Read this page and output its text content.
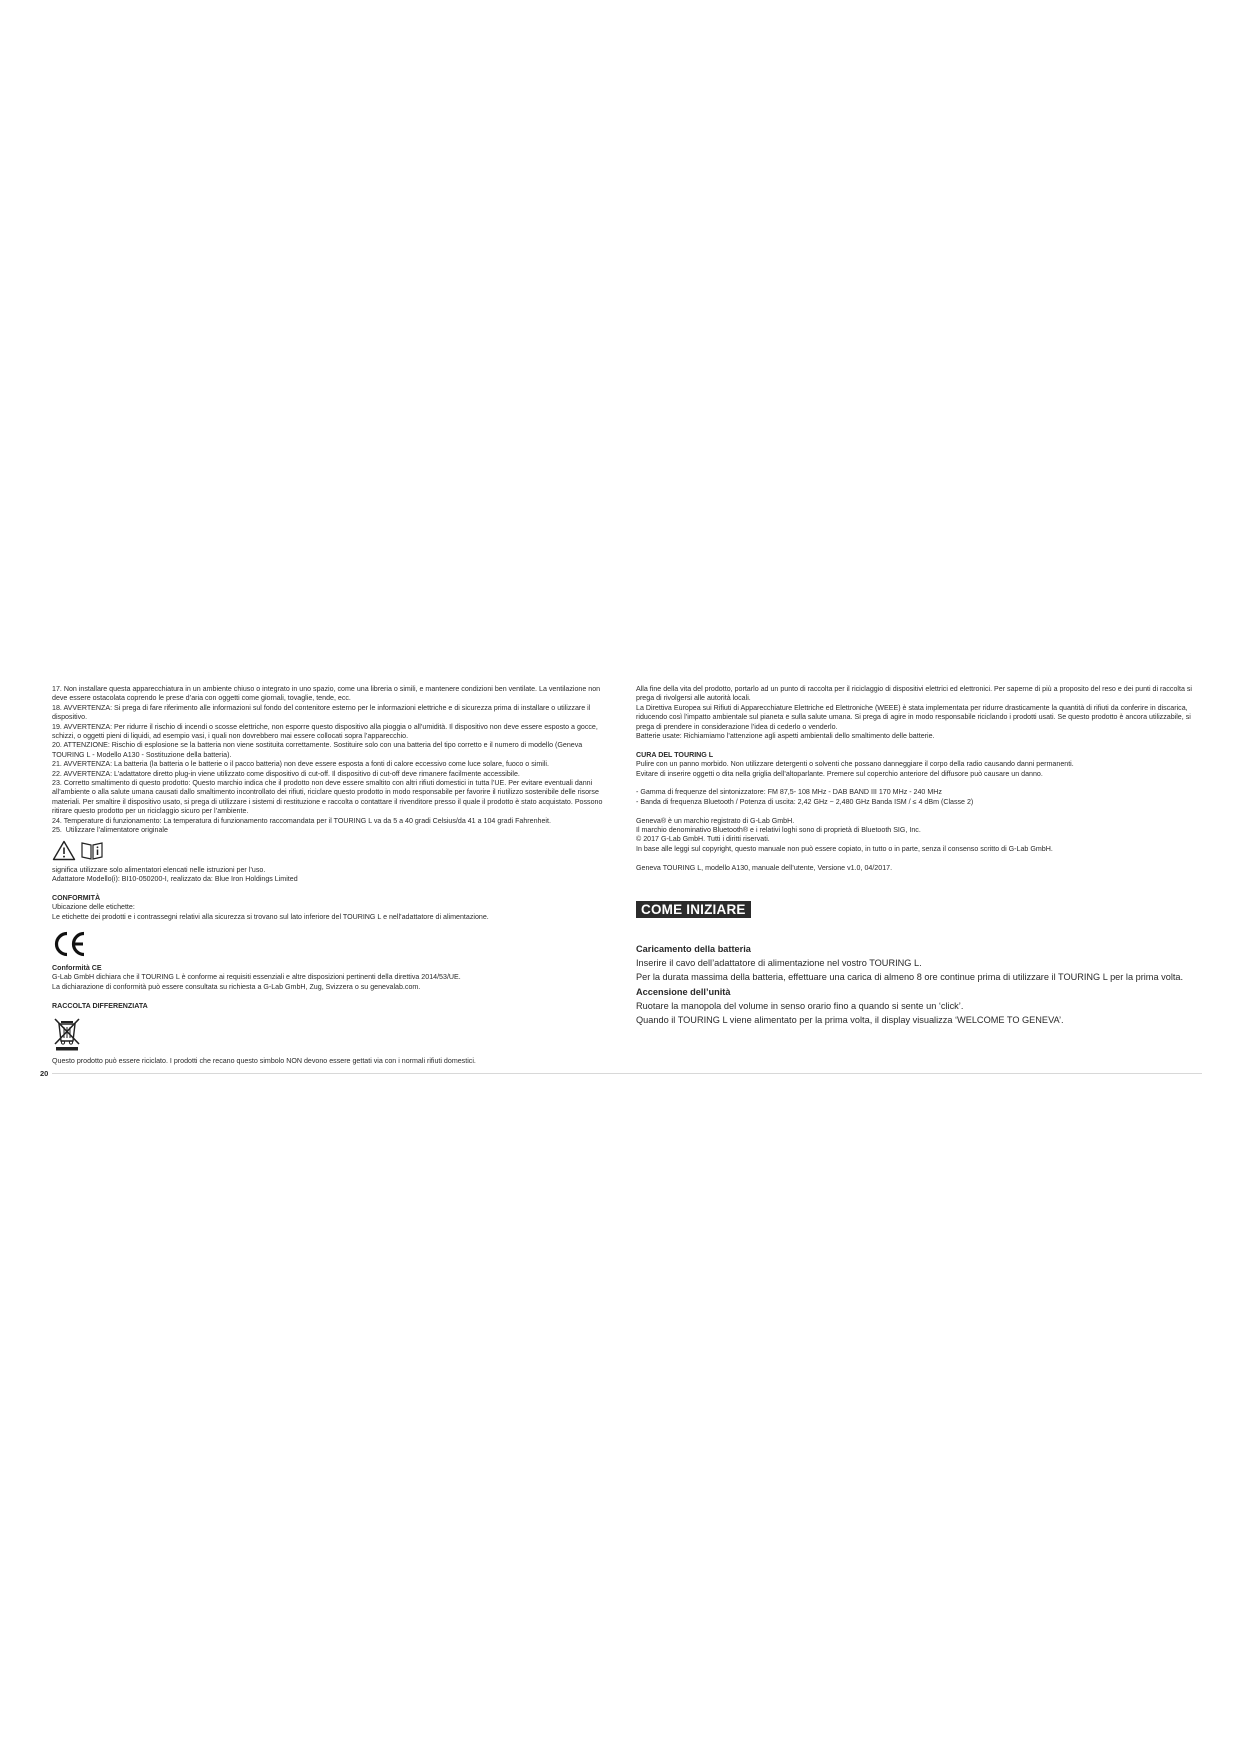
17. Non installare questa apparecchiatura in un ambiente chiuso o integrato in uno spazio, come una libreria o simili, e mantenere condizioni ben ventilate. La ventilazione non deve essere ostacolata coprendo le prese d’aria con oggetti come giornali, tovaglie, tende, ecc.

18. AVVERTENZA: Si prega di fare riferimento alle informazioni sul fondo del contenitore esterno per le informazioni elettriche e di sicurezza prima di installare o utilizzare il dispositivo.

19. AVVERTENZA: Per ridurre il rischio di incendi o scosse elettriche, non esporre questo dispositivo alla pioggia o all’umidità. Il dispositivo non deve essere esposto a gocce, schizzi, o oggetti pieni di liquidi, ad esempio vasi, i quali non dovrebbero mai essere collocati sopra l’apparecchio.

20. ATTENZIONE: Rischio di esplosione se la batteria non viene sostituita correttamente. Sostituire solo con una batteria del tipo corretto e il numero di modello (Geneva TOURING L - Modello A130 - Sostituzione della batteria).

21. AVVERTENZA: La batteria (la batteria o le batterie o il pacco batteria) non deve essere esposta a fonti di calore eccessivo come luce solare, fuoco o simili.

22. AVVERTENZA: L’adattatore diretto plug-in viene utilizzato come dispositivo di cut-off. Il dispositivo di cut-off deve rimanere facilmente accessibile.

23. Corretto smaltimento di questo prodotto: Questo marchio indica che il prodotto non deve essere smaltito con altri rifiuti domestici in tutta l’UE. Per evitare eventuali danni all’ambiente o alla salute umana causati dallo smaltimento incontrollato dei rifiuti, riciclare questo prodotto in modo responsabile per favorire il riutilizzo sostenibile delle risorse materiali. Per smaltire il dispositivo usato, si prega di utilizzare i sistemi di restituzione e raccolta o contattare il rivenditore presso il quale il prodotto è stato acquistato. Possono ritirare questo prodotto per un riciclaggio sicuro per l’ambiente.

24. Temperature di funzionamento: La temperatura di funzionamento raccomandata per il TOURING L va da 5 a 40 gradi Celsius/da 41 a 104 gradi Fahrenheit.

25.  Utilizzare l’alimentatore originale

significa utilizzare solo alimentatori elencati nelle istruzioni per l’uso.

Adattatore Modello(i): BI10-050200-I, realizzato da: Blue Iron Holdings Limited

CONFORMITÀ

Ubicazione delle etichette:

Le etichette dei prodotti e i contrassegni relativi alla sicurezza si trovano sul lato inferiore del TOURING L e nell’adattatore di alimentazione.

Conformità CE

G-Lab GmbH dichiara che il TOURING L è conforme ai requisiti essenziali e altre disposizioni pertinenti della direttiva 2014/53/UE.

La dichiarazione di conformità può essere consultata su richiesta a G-Lab GmbH, Zug, Svizzera o su genevalab.com.

RACCOLTA DIFFERENZIATA

Questo prodotto può essere riciclato. I prodotti che recano questo simbolo NON devono essere gettati via con i normali rifiuti domestici.

20

Alla fine della vita del prodotto, portarlo ad un punto di raccolta per il riciclaggio di dispositivi elettrici ed elettronici. Per saperne di più a proposito del reso e dei punti di raccolta si prega di rivolgersi alle autorità locali.

La Direttiva Europea sui Rifiuti di Apparecchiature Elettriche ed Elettroniche (WEEE) è stata implementata per ridurre drasticamente la quantità di rifiuti da conferire in discarica, riducendo così l’impatto ambientale sul pianeta e sulla salute umana. Si prega di agire in modo responsabile riciclando i prodotti usati. Se questo prodotto è ancora utilizzabile, si prega di prendere in considerazione l’idea di cederlo o venderlo.

Batterie usate: Richiamiamo l’attenzione agli aspetti ambientali dello smaltimento delle batterie.

CURA DEL TOURING L

Pulire con un panno morbido. Non utilizzare detergenti o solventi che possano danneggiare il corpo della radio causando danni permanenti.

Evitare di inserire oggetti o dita nella griglia dell’altoparlante. Premere sul coperchio anteriore del diffusore può causare un danno.

- Gamma di frequenze del sintonizzatore: FM 87,5- 108 MHz - DAB BAND III 170 MHz - 240 MHz

- Banda di frequenza Bluetooth / Potenza di uscita: 2,42 GHz ~ 2,480 GHz Banda ISM / ≤ 4 dBm (Classe 2)

Geneva® è un marchio registrato di G-Lab GmbH.

Il marchio denominativo Bluetooth® e i relativi loghi sono di proprietà di Bluetooth SIG, Inc.

© 2017 G-Lab GmbH. Tutti i diritti riservati.

In base alle leggi sul copyright, questo manuale non può essere copiato, in tutto o in parte, senza il consenso scritto di G-Lab GmbH.

Geneva TOURING L, modello A130, manuale dell’utente, Versione v1.0, 04/2017.

COME INIZIARE

Caricamento della batteria

Inserire il cavo dell’adattatore di alimentazione nel vostro TOURING L.

Per la durata massima della batteria, effettuare una carica di almeno 8 ore continue prima di utilizzare il TOURING L per la prima volta.

Accensione dell’unità

Ruotare la manopola del volume in senso orario fino a quando si sente un ‘click’.

Quando il TOURING L viene alimentato per la prima volta, il display visualizza ‘WELCOME TO GENEVA’.
